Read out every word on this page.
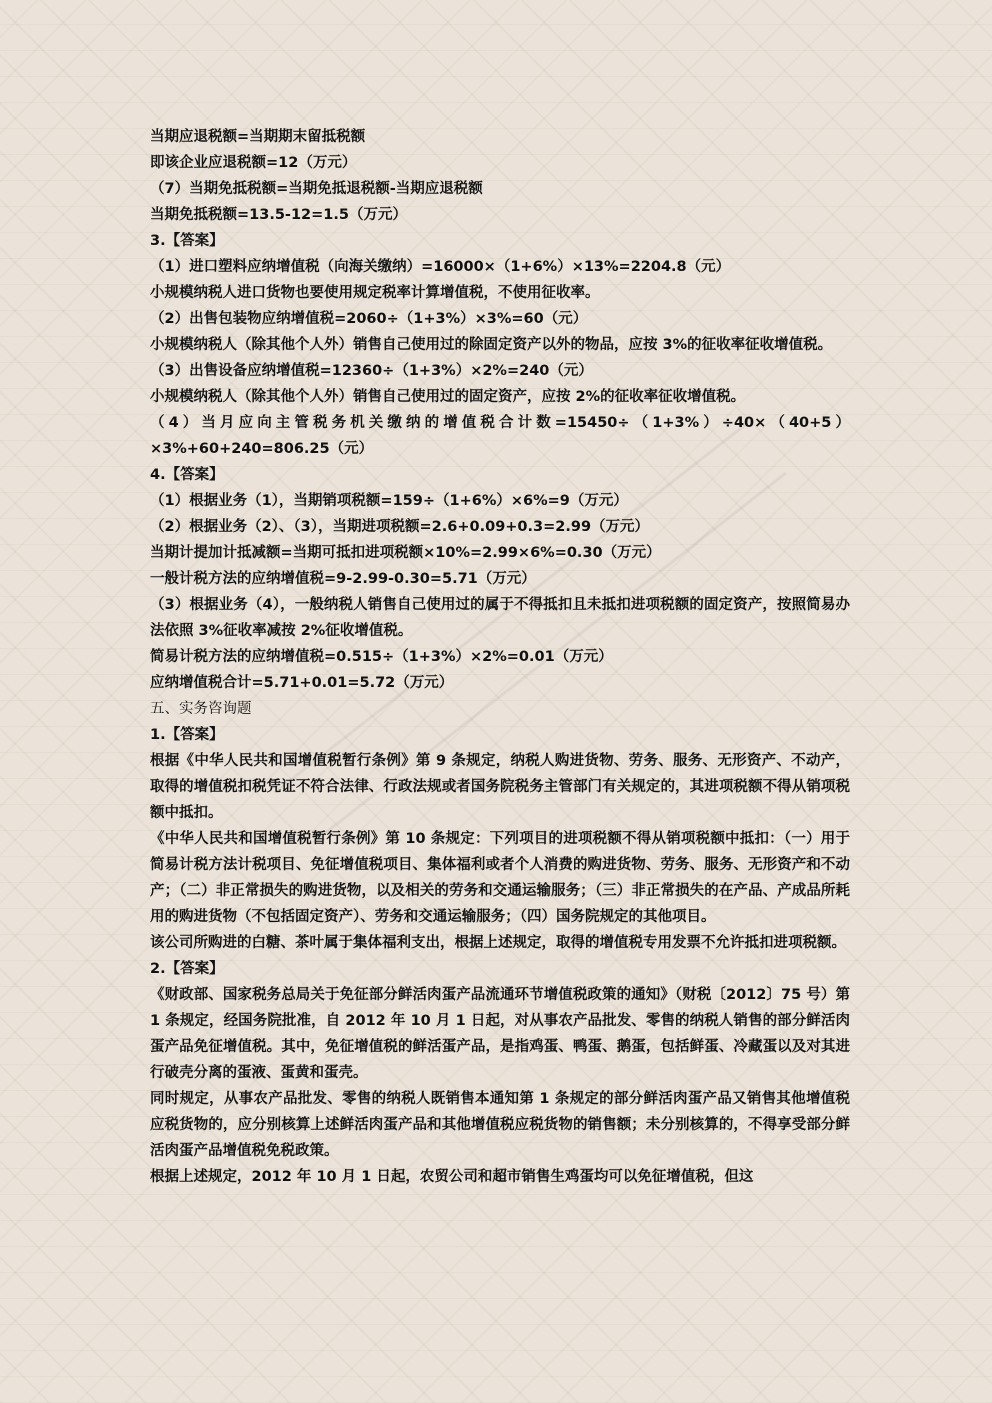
当期应退税额=当期期末留抵税额

即该企业应退税额=12（万元）

（7）当期免抵税额=当期免抵退税额-当期应退税额

当期免抵税额=13.5-12=1.5（万元）

3.【答案】

（1）进口塑料应纳增值税（向海关缴纳）=16000×（1+6%）×13%=2204.8（元）

小规模纳税人进口货物也要使用规定税率计算增值税，不使用征收率。

（2）出售包装物应纳增值税=2060÷（1+3%）×3%=60（元）

小规模纳税人（除其他个人外）销售自己使用过的除固定资产以外的物品，应按 3%的征收率征收增值税。

（3）出售设备应纳增值税=12360÷（1+3%）×2%=240（元）

小规模纳税人（除其他个人外）销售自己使用过的固定资产，应按 2%的征收率征收增值税。

（4）当月应向主管税务机关缴纳的增值税合计数=15450÷（1+3%）÷40×（40+5）×3%+60+240=806.25（元）

4.【答案】

（1）根据业务（1），当期销项税额=159÷（1+6%）×6%=9（万元）

（2）根据业务（2）、（3），当期进项税额=2.6+0.09+0.3=2.99（万元）

当期计提加计抵减额=当期可抵扣进项税额×10%=2.99×6%=0.30（万元）

一般计税方法的应纳增值税=9-2.99-0.30=5.71（万元）

（3）根据业务（4），一般纳税人销售自己使用过的属于不得抵扣且未抵扣进项税额的固定资产，按照简易办法依照 3%征收率减按 2%征收增值税。

简易计税方法的应纳增值税=0.515÷（1+3%）×2%=0.01（万元）

应纳增值税合计=5.71+0.01=5.72（万元）

五、实务咨询题

1.【答案】

根据《中华人民共和国增值税暂行条例》第 9 条规定，纳税人购进货物、劳务、服务、无形资产、不动产，取得的增值税扣税凭证不符合法律、行政法规或者国务院税务主管部门有关规定的，其进项税额不得从销项税额中抵扣。

《中华人民共和国增值税暂行条例》第 10 条规定：下列项目的进项税额不得从销项税额中抵扣：（一）用于简易计税方法计税项目、免征增值税项目、集体福利或者个人消费的购进货物、劳务、服务、无形资产和不动产；（二）非正常损失的购进货物，以及相关的劳务和交通运输服务；（三）非正常损失的在产品、产成品所耗用的购进货物（不包括固定资产）、劳务和交通运输服务；（四）国务院规定的其他项目。

该公司所购进的白糖、茶叶属于集体福利支出，根据上述规定，取得的增值税专用发票不允许抵扣进项税额。

2.【答案】

《财政部、国家税务总局关于免征部分鲜活肉蛋产品流通环节增值税政策的通知》（财税〔2012〕75 号）第 1 条规定，经国务院批准，自 2012 年 10 月 1 日起，对从事农产品批发、零售的纳税人销售的部分鲜活肉蛋产品免征增值税。其中，免征增值税的鲜活蛋产品，是指鸡蛋、鸭蛋、鹅蛋，包括鲜蛋、冷藏蛋以及对其进行破壳分离的蛋液、蛋黄和蛋壳。

同时规定，从事农产品批发、零售的纳税人既销售本通知第 1 条规定的部分鲜活肉蛋产品又销售其他增值税应税货物的，应分别核算上述鲜活肉蛋产品和其他增值税应税货物的销售额；未分别核算的，不得享受部分鲜活肉蛋产品增值税免税政策。

根据上述规定，2012 年 10 月 1 日起，农贸公司和超市销售生鸡蛋均可以免征增值税，但这
